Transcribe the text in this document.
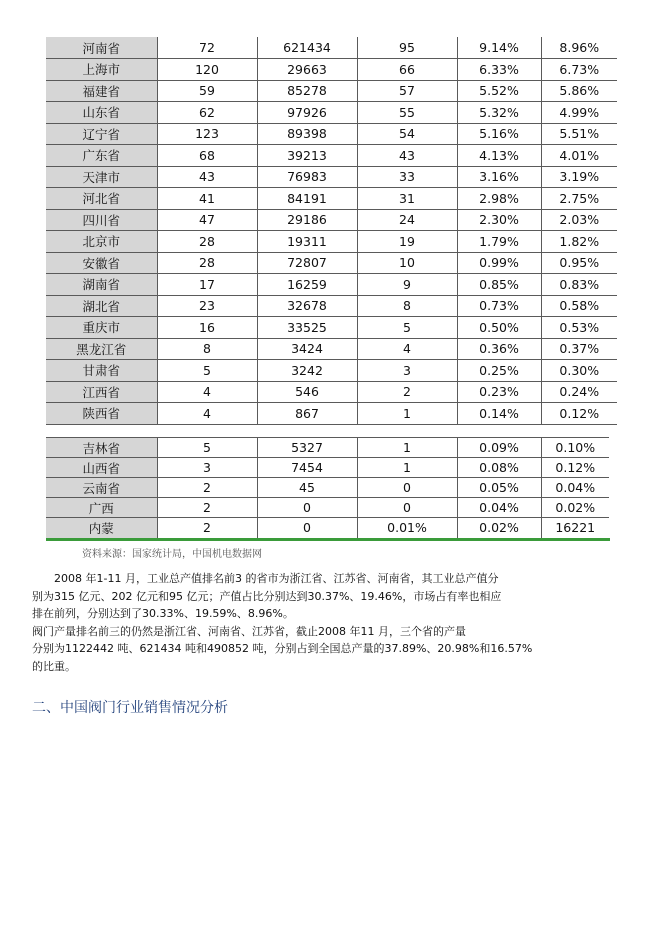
河南省	72	621434	95	9.14%	8.96%
上海市	120	29663	66	6.33%	6.73%
福建省	59	85278	57	5.52%	5.86%
山东省	62	97926	55	5.32%	4.99%
辽宁省	123	89398	54	5.16%	5.51%
广东省	68	39213	43	4.13%	4.01%
天津市	43	76983	33	3.16%	3.19%
河北省	41	84191	31	2.98%	2.75%
四川省	47	29186	24	2.30%	2.03%
北京市	28	19311	19	1.79%	1.82%
安徽省	28	72807	10	0.99%	0.95%
湖南省	17	16259	9	0.85%	0.83%
湖北省	23	32678	8	0.73%	0.58%
重庆市	16	33525	5	0.50%	0.53%
黑龙江省	8	3424	4	0.36%	0.37%
甘肃省	5	3242	3	0.25%	0.30%
江西省	4	546	2	0.23%	0.24%
陕西省	4	867	1	0.14%	0.12%
吉林省	5	5327	1	0.09%	0.10%
山西省	3	7454	1	0.08%	0.12%
云南省	2	45	0	0.05%	0.04%
广西	2	0	0	0.04%	0.02%
内蒙	2	0	0.01%	0.02%	16221
资料来源：国家统计局，中国机电数据网
　　2008 年1-11 月，工业总产值排名前3 的省市为浙江省、江苏省、河南省，其工业总产值分
别为315 亿元、202 亿元和95 亿元；产值占比分别达到30.37%、19.46%，市场占有率也相应
排在前列，分别达到了30.33%、19.59%、8.96%。
阀门产量排名前三的仍然是浙江省、河南省、江苏省，截止2008 年11 月，三个省的产量
分别为1122442 吨、621434 吨和490852 吨，分别占到全国总产量的37.89%、20.98%和16.57%
的比重。
二、中国阀门行业销售情况分析
